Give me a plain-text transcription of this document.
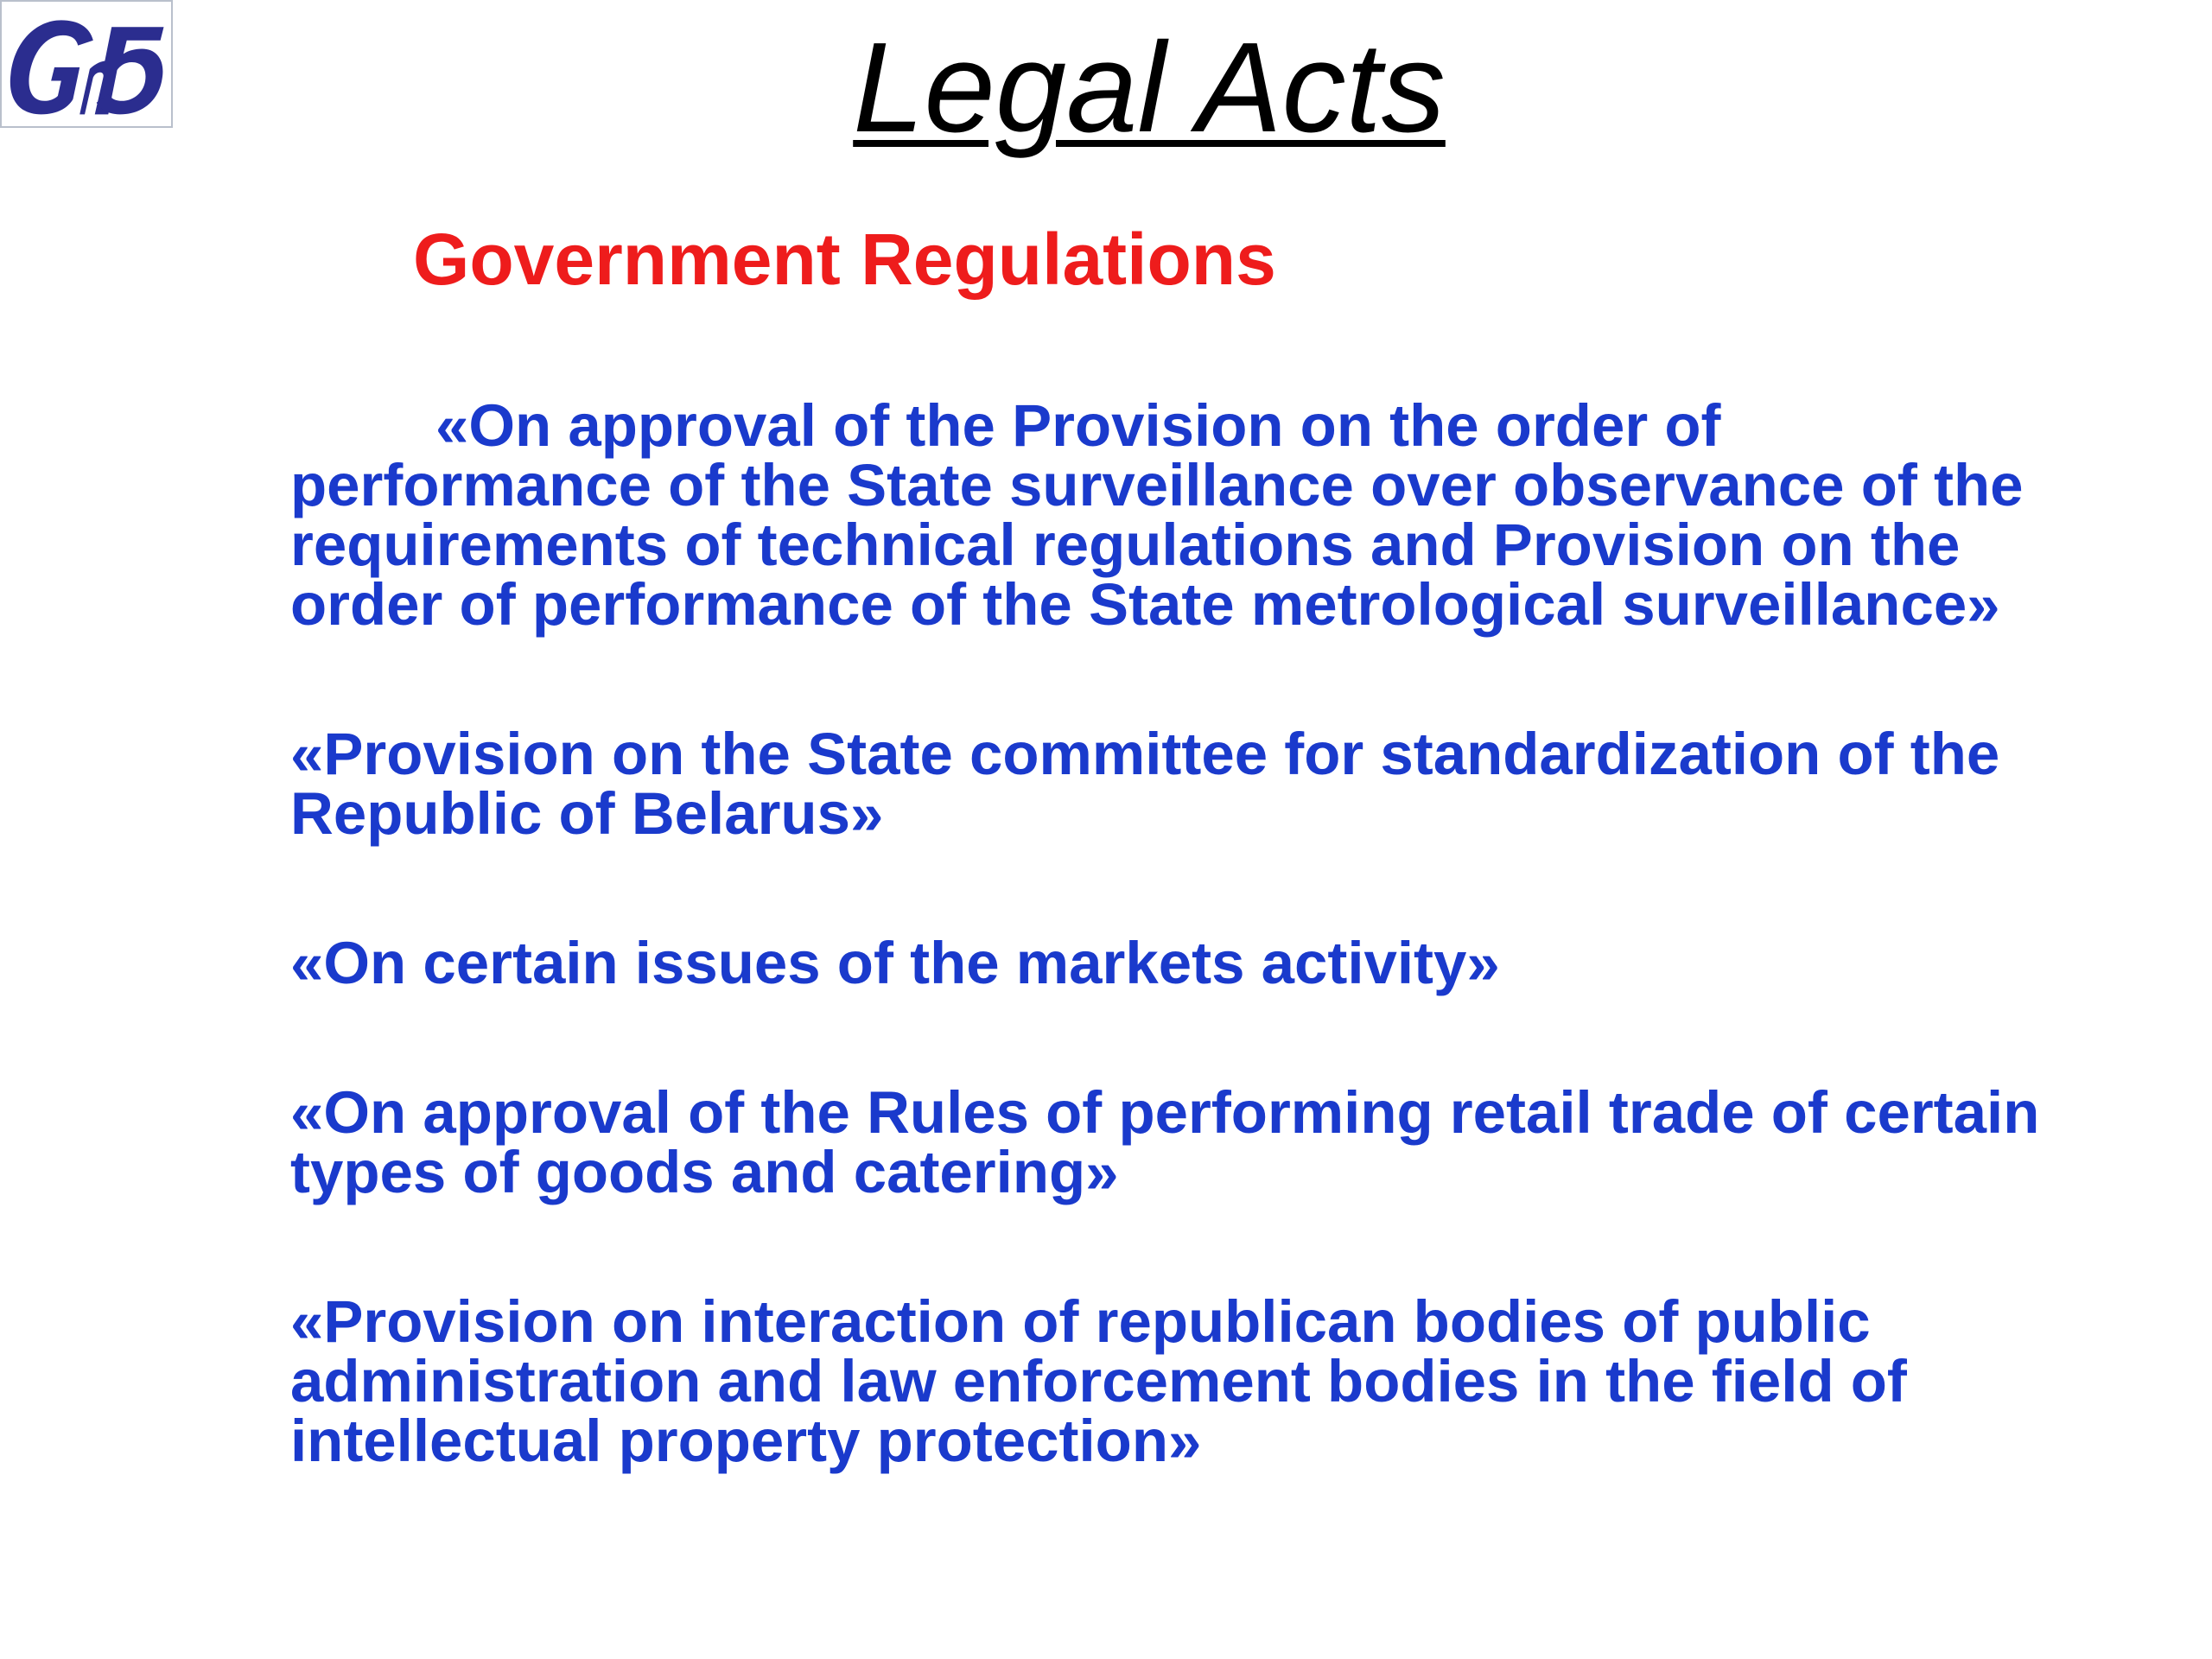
Legal Acts
Government Regulations
«On approval of the Provision on the order of performance of the State surveillance over observance of the requirements of technical regulations and Provision on the order of performance of the State metrological surveillance»
«Provision on the State committee for standardization of the Republic of Belarus»
«On certain issues of the markets activity»
«On approval of the Rules of performing retail trade of certain types of goods and catering»
«Provision on interaction of republican bodies of public administration and law enforcement bodies in the field of intellectual property protection»
